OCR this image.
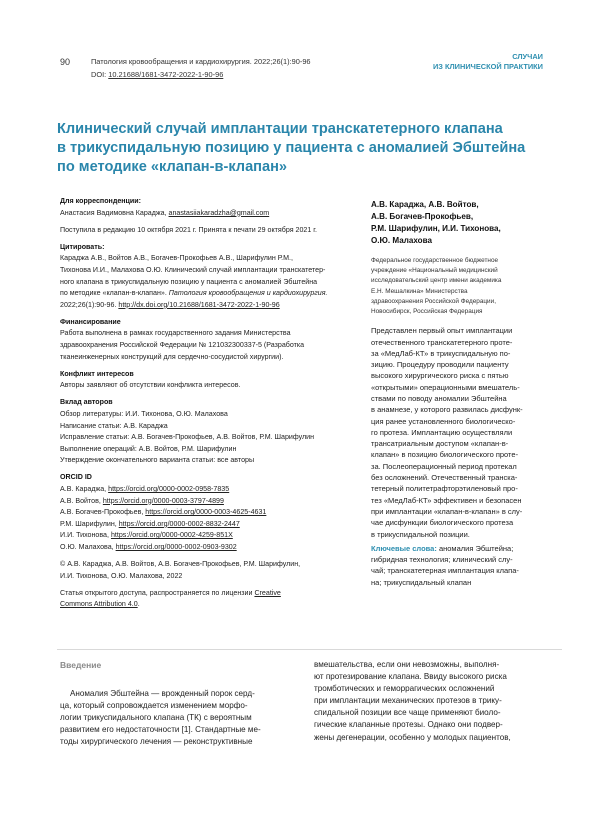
90	Патология кровообращения и кардиохирургия. 2022;26(1):90-96
DOI: 10.21688/1681-3472-2022-1-90-96
СЛУЧАИ
ИЗ КЛИНИЧЕСКОЙ ПРАКТИКИ
Клинический случай имплантации транскатетерного клапана
в трикуспидальную позицию у пациента с аномалией Эбштейна
по методике «клапан-в-клапан»
Для корреспонденции:
Анастасия Вадимовна Караджа, anastasiiakaradzha@gmail.com
Поступила в редакцию 10 октября 2021 г. Принята к печати 29 октября 2021 г.
Цитировать:
Караджа А.В., Войтов А.В., Богачев-Прокофьев А.В., Шарифулин Р.М.,
Тихонова И.И., Малахова О.Ю. Клинический случай имплантации транскатетер-
ного клапана в трикуспидальную позицию у пациента с аномалией Эбштейна
по методике «клапан-в-клапан». Патология кровообращения и кардиохирургия.
2022;26(1):90-96. http://dx.doi.org/10.21688/1681-3472-2022-1-90-96
Финансирование
Работа выполнена в рамках государственного задания Министерства
здравоохранения Российской Федерации № 121032300337-5 (Разработка
тканеинженерных конструкций для сердечно-сосудистой хирургии).
Конфликт интересов
Авторы заявляют об отсутствии конфликта интересов.
Вклад авторов
Обзор литературы: И.И. Тихонова, О.Ю. Малахова
Написание статьи: А.В. Караджа
Исправление статьи: А.В. Богачев-Прокофьев, А.В. Войтов, Р.М. Шарифулин
Выполнение операций: А.В. Войтов, Р.М. Шарифулин
Утверждение окончательного варианта статьи: все авторы
ORCID ID
А.В. Караджа, https://orcid.org/0000-0002-0958-7835
А.В. Войтов, https://orcid.org/0000-0003-3797-4899
А.В. Богачев-Прокофьев, https://orcid.org/0000-0003-4625-4631
Р.М. Шарифулин, https://orcid.org/0000-0002-8832-2447
И.И. Тихонова, https://orcid.org/0000-0002-4259-851X
О.Ю. Малахова, https://orcid.org/0000-0002-0903-9302
© А.В. Караджа, А.В. Войтов, А.В. Богачев-Прокофьев, Р.М. Шарифулин,
И.И. Тихонова, О.Ю. Малахова, 2022
Статья открытого доступа, распространяется по лицензии Creative
Commons Attribution 4.0.
А.В. Караджа, А.В. Войтов,
А.В. Богачев-Прокофьев,
Р.М. Шарифулин, И.И. Тихонова,
О.Ю. Малахова
Федеральное государственное бюджетное
учреждение «Национальный медицинский
исследовательский центр имени академика
Е.Н. Мешалкина» Министерства
здравоохранения Российской Федерации,
Новосибирск, Российская Федерация
Представлен первый опыт имплантации
отечественного транскатетерного проте-
за «МедЛаб-КТ» в трикуспидальную по-
зицию. Процедуру проводили пациенту
высокого хирургического риска с пятью
«открытыми» операционными вмешатель-
ствами по поводу аномалии Эбштейна
в анамнезе, у которого развилась дисфунк-
ция ранее установленного биологическо-
го протеза. Имплантацию осуществляли
трансатриальным доступом «клапан-в-
клапан» в позицию биологического проте-
за. Послеоперационный период протекал
без осложнений. Отечественный транска-
тетерный политетрафторэтиленовый про-
тез «МедЛаб-КТ» эффективен и безопасен
при имплантации «клапан-в-клапан» в слу-
чае дисфункции биологического протеза
в трикуспидальной позиции.
Ключевые слова: аномалия Эбштейна;
гибридная технология; клинический слу-
чай; транскатетерная имплантация клапа-
на; трикуспидальный клапан
Введение
Аномалия Эбштейна — врожденный порок серд-
ца, который сопровождается изменением морфо-
логии трикуспидального клапана (ТК) с вероятным
развитием его недостаточности [1]. Стандартные ме-
тоды хирургического лечения — реконструктивные
вмешательства, если они невозможны, выполня-
ют протезирование клапана. Ввиду высокого риска
тромботических и геморрагических осложнений
при имплантации механических протезов в трику-
спидальной позиции все чаще применяют биоло-
гические клапанные протезы. Однако они подвер-
жены дегенерации, особенно у молодых пациентов,
